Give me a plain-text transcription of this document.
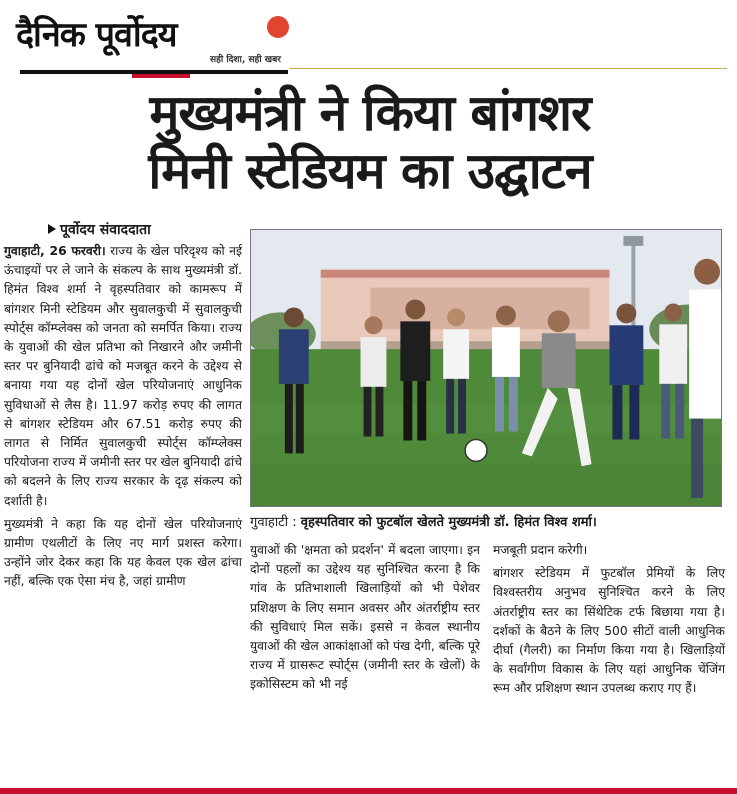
दैनिक पूर्वोदय
सही दिशा, सही खबर
मुख्यमंत्री ने किया बांगशर
मिनी स्टेडियम का उद्घाटन
पूर्वोदय संवाददाता

गुवाहाटी, 26 फरवरी। राज्य के खेल परिदृश्य को नई ऊंचाइयों पर ले जाने के संकल्प के साथ मुख्यमंत्री डॉ. हिमंत विश्व शर्मा ने वृहस्पतिवार को कामरूप में बांगशर मिनी स्टेडियम और सुवालकुची में सुवालकुची स्पोर्ट्स कॉम्प्लेक्स को जनता को समर्पित किया। राज्य के युवाओं की खेल प्रतिभा को निखारने और जमीनी स्तर पर बुनियादी ढांचे को मजबूत करने के उद्देश्य से बनाया गया यह दोनों खेल परियोजनाएं आधुनिक सुविधाओं से लैस है। 11.97 करोड़ रुपए की लागत से बांगशर स्टेडियम और 67.51 करोड़ रुपए की लागत से निर्मित सुवालकुची स्पोर्ट्स कॉम्प्लेक्स परियोजना राज्य में जमीनी स्तर पर खेल बुनियादी ढांचे को बदलने के लिए राज्य सरकार के दृढ़ संकल्प को दर्शाती है।

मुख्यमंत्री ने कहा कि यह दोनों खेल परियोजनाएं ग्रामीण एथलीटों के लिए नए मार्ग प्रशस्त करेगा। उन्होंने जोर देकर कहा कि यह केवल एक खेल ढांचा नहीं, बल्कि एक ऐसा मंच है, जहां ग्रामीण

गुवाहाटी : वृहस्पतिवार को फुटबॉल खेलते मुख्यमंत्री डॉ. हिमंत विश्व शर्मा।

युवाओं की 'क्षमता को प्रदर्शन' में बदला जाएगा। इन दोनों पहलों का उद्देश्य यह सुनिश्चित करना है कि गांव के प्रतिभाशाली खिलाड़ियों को भी पेशेवर प्रशिक्षण के लिए समान अवसर और अंतर्राष्ट्रीय स्तर की सुविधाएं मिल सकें। इससे न केवल स्थानीय युवाओं की खेल आकांक्षाओं को पंख देगी, बल्कि पूरे राज्य में ग्रासरूट स्पोर्ट्स (जमीनी स्तर के खेलों) के इकोसिस्टम को भी नई

मजबूती प्रदान करेगी।

बांगशर स्टेडियम में फुटबॉल प्रेमियों के लिए विश्वस्तरीय अनुभव सुनिश्चित करने के लिए अंतर्राष्ट्रीय स्तर का सिंथेटिक टर्फ बिछाया गया है। दर्शकों के बैठने के लिए 500 सीटों वाली आधुनिक दीर्घा (गैलरी) का निर्माण किया गया है। खिलाड़ियों के सर्वांगीण विकास के लिए यहां आधुनिक चेंजिंग रूम और प्रशिक्षण स्थान उपलब्ध कराए गए हैं।
